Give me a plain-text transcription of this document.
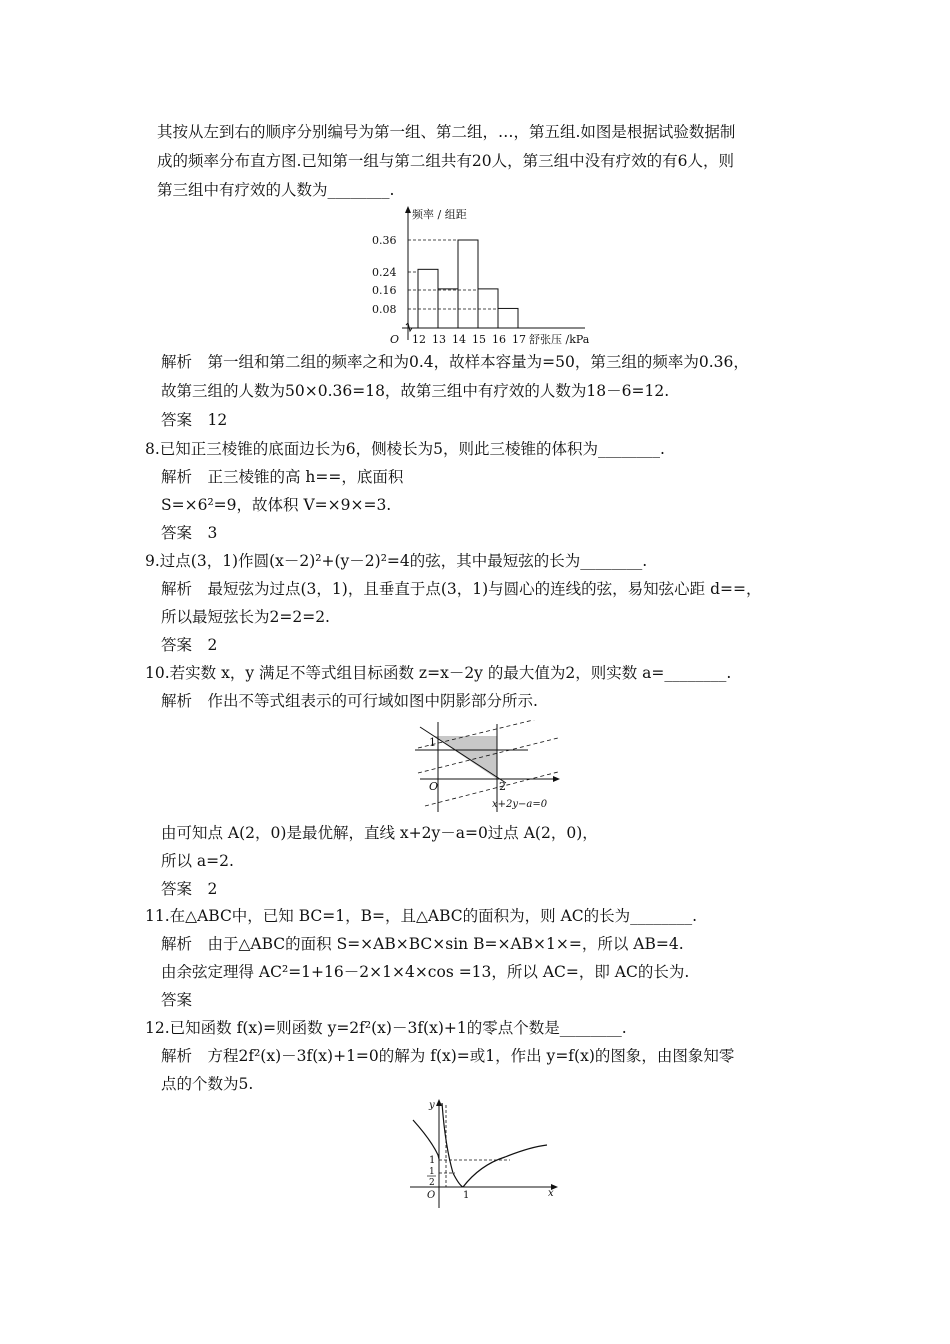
其按从左到右的顺序分别编号为第一组、第二组，…，第五组.如图是根据试验数据制
成的频率分布直方图.已知第一组与第二组共有20人，第三组中没有疗效的有6人，则
第三组中有疗效的人数为________.
频率 / 组距
0.36
0.24
0.16
0.08
O 12 13 14 15 16 17 舒张压 /kPa
解析　第一组和第二组的频率之和为0.4，故样本容量为=50，第三组的频率为0.36，
故第三组的人数为50×0.36=18，故第三组中有疗效的人数为18－6=12.
答案　12
8.已知正三棱锥的底面边长为6，侧棱长为5，则此三棱锥的体积为________.
解析　正三棱锥的高 h==，底面积
S=×6²=9，故体积 V=×9×=3.
答案　3
9.过点(3，1)作圆(x－2)²+(y－2)²=4的弦，其中最短弦的长为________.
解析　最短弦为过点(3，1)，且垂直于点(3，1)与圆心的连线的弦，易知弦心距 d==，
所以最短弦长为2=2=2.
答案　2
10.若实数 x，y 满足不等式组目标函数 z=x－2y 的最大值为2，则实数 a=________.
解析　作出不等式组表示的可行域如图中阴影部分所示.
1
2
O
x+2y−a=0
由可知点 A(2，0)是最优解，直线 x+2y－a=0过点 A(2，0)，
所以 a=2.
答案　2
11.在△ABC中，已知 BC=1，B=，且△ABC的面积为，则 AC的长为________.
解析　由于△ABC的面积 S=×AB×BC×sin B=×AB×1×=，所以 AB=4.
由余弦定理得 AC²=1+16－2×1×4×cos =13，所以 AC=，即 AC的长为.
答案
12.已知函数 f(x)=则函数 y=2f²(x)－3f(x)+1的零点个数是________.
解析　方程2f²(x)－3f(x)+1=0的解为 f(x)=或1，作出 y=f(x)的图象，由图象知零
点的个数为5.
y
x
O
1
1
2
1
